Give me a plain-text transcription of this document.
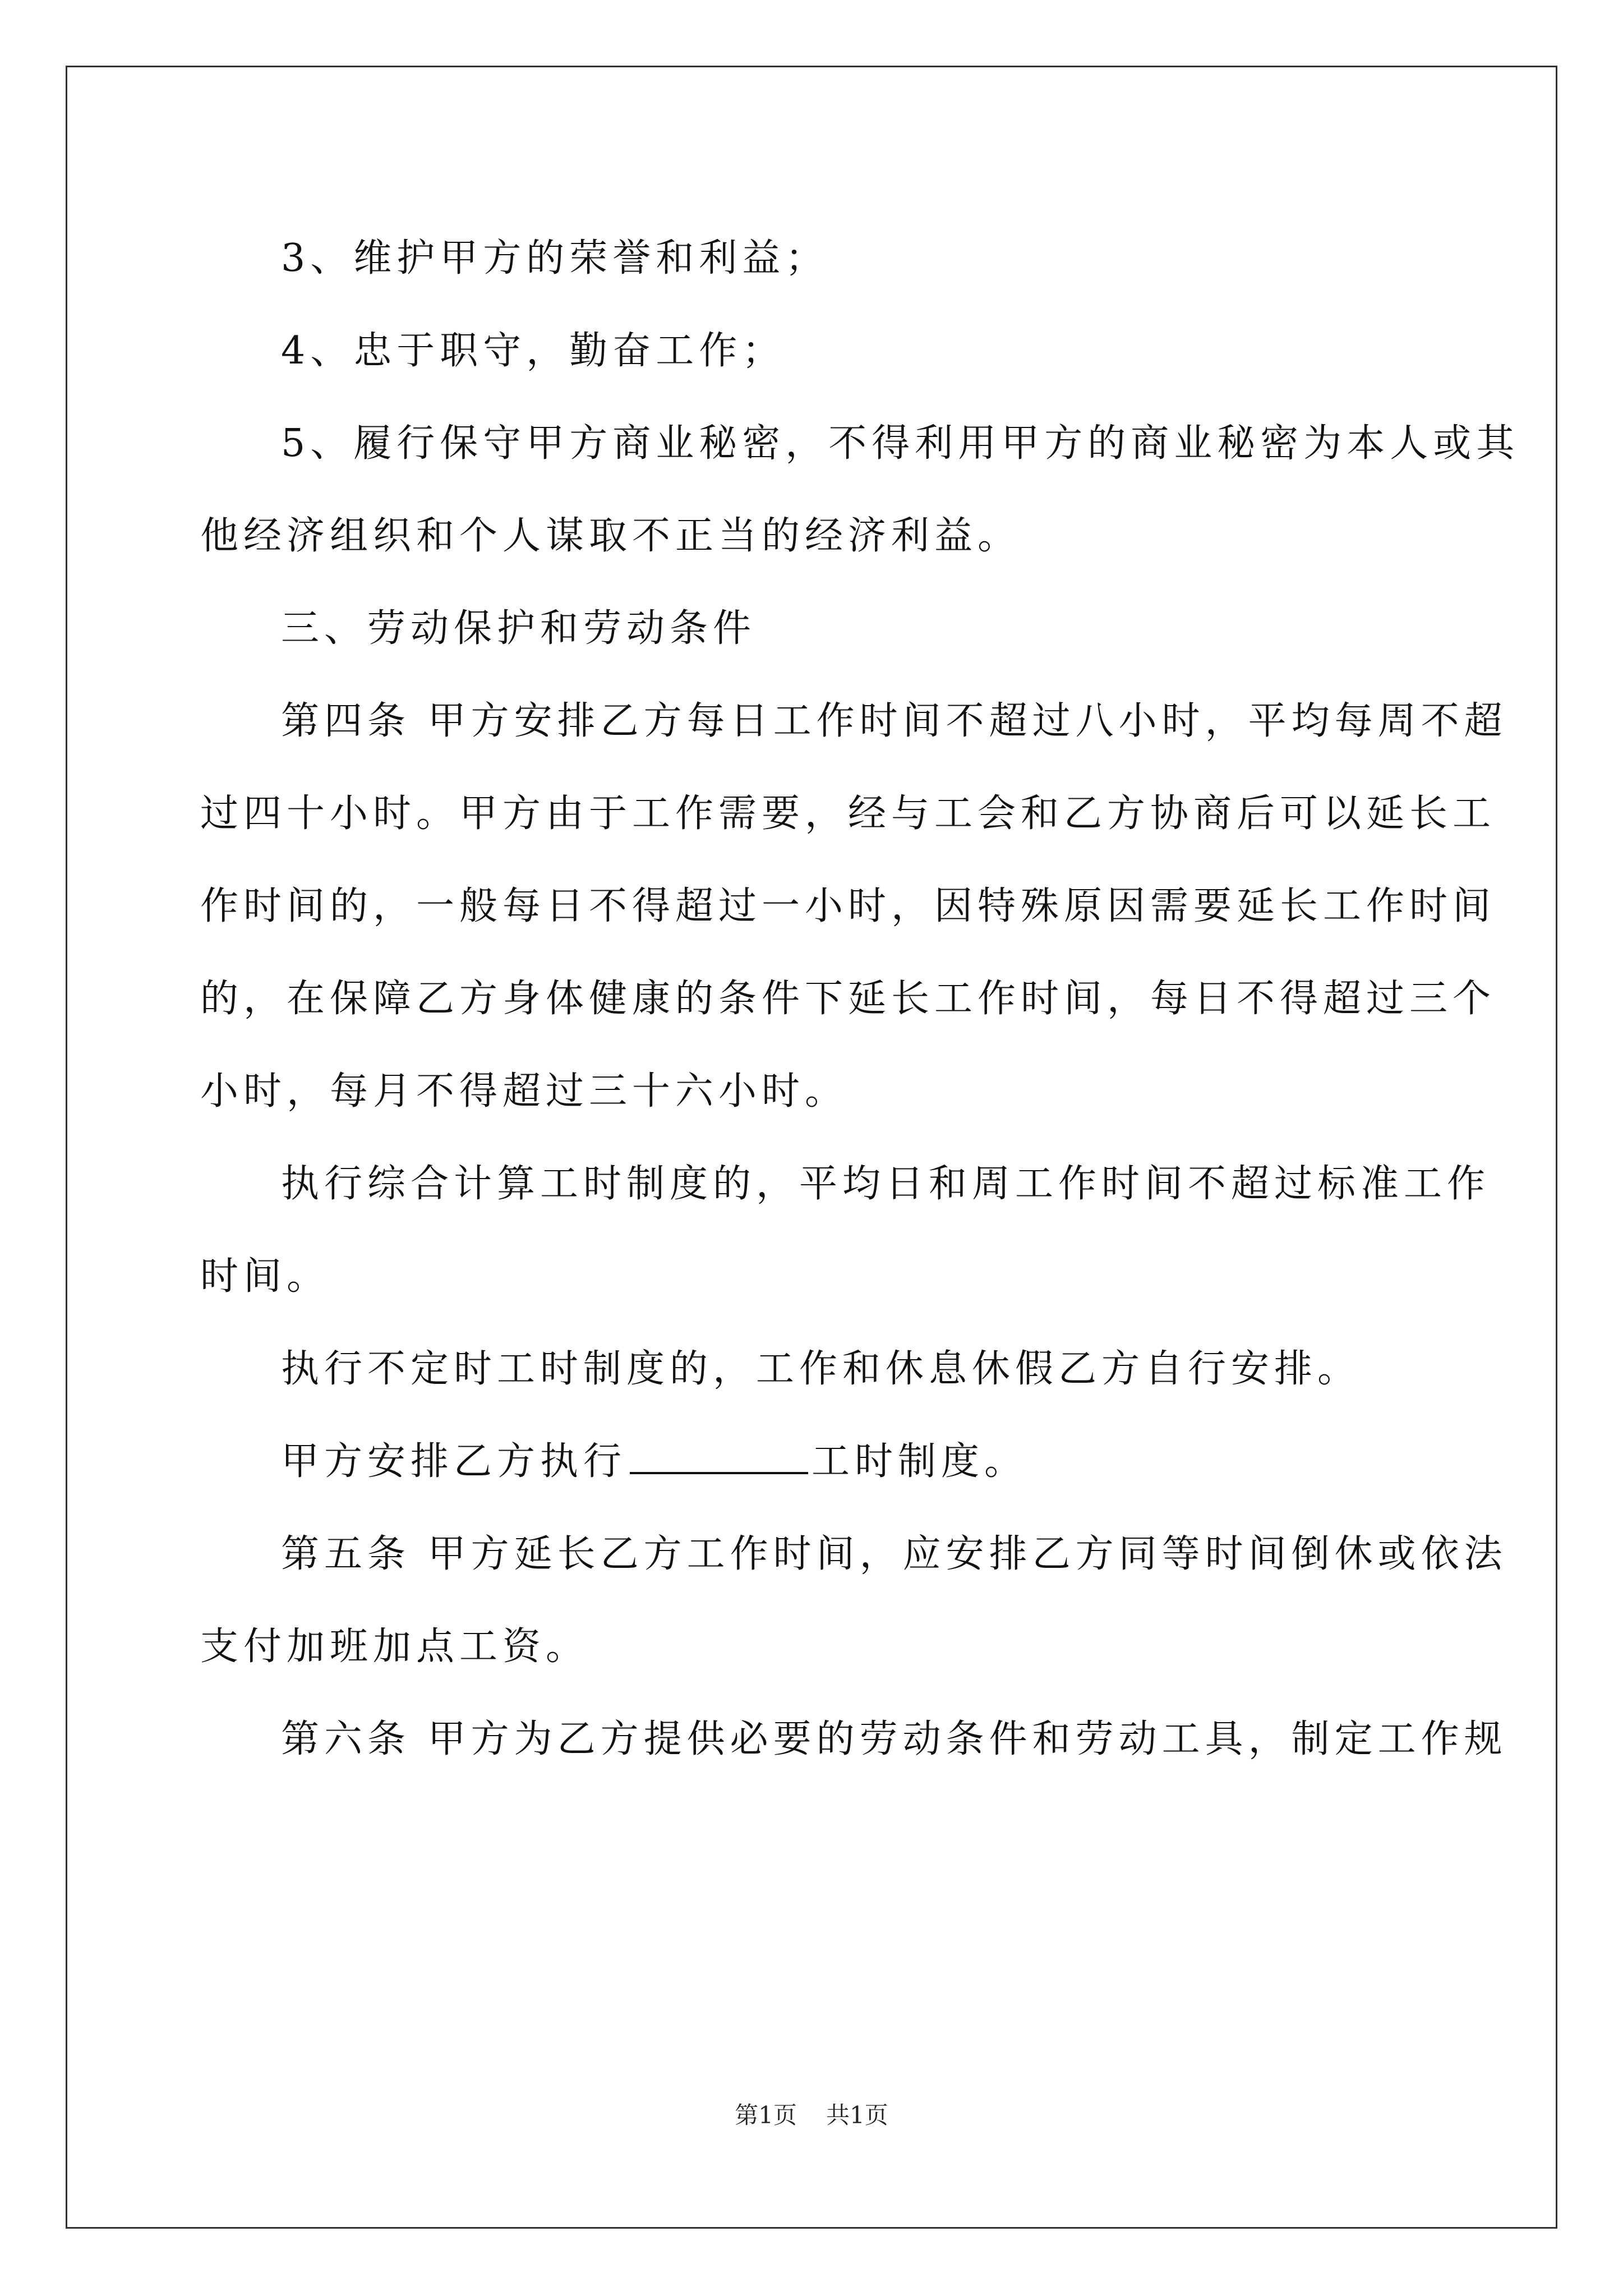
3、维护甲方的荣誉和利益；

4、忠于职守，勤奋工作；

5、履行保守甲方商业秘密，不得利用甲方的商业秘密为本人或其

他经济组织和个人谋取不正当的经济利益。

三、劳动保护和劳动条件

第四条 甲方安排乙方每日工作时间不超过八小时，平均每周不超

过四十小时。甲方由于工作需要，经与工会和乙方协商后可以延长工

作时间的，一般每日不得超过一小时，因特殊原因需要延长工作时间

的，在保障乙方身体健康的条件下延长工作时间，每日不得超过三个

小时，每月不得超过三十六小时。

执行综合计算工时制度的，平均日和周工作时间不超过标准工作

时间。

执行不定时工时制度的，工作和休息休假乙方自行安排。

甲方安排乙方执行	工时制度。

第五条 甲方延长乙方工作时间，应安排乙方同等时间倒休或依法

支付加班加点工资。

第六条 甲方为乙方提供必要的劳动条件和劳动工具，制定工作规

第1页 共1页
